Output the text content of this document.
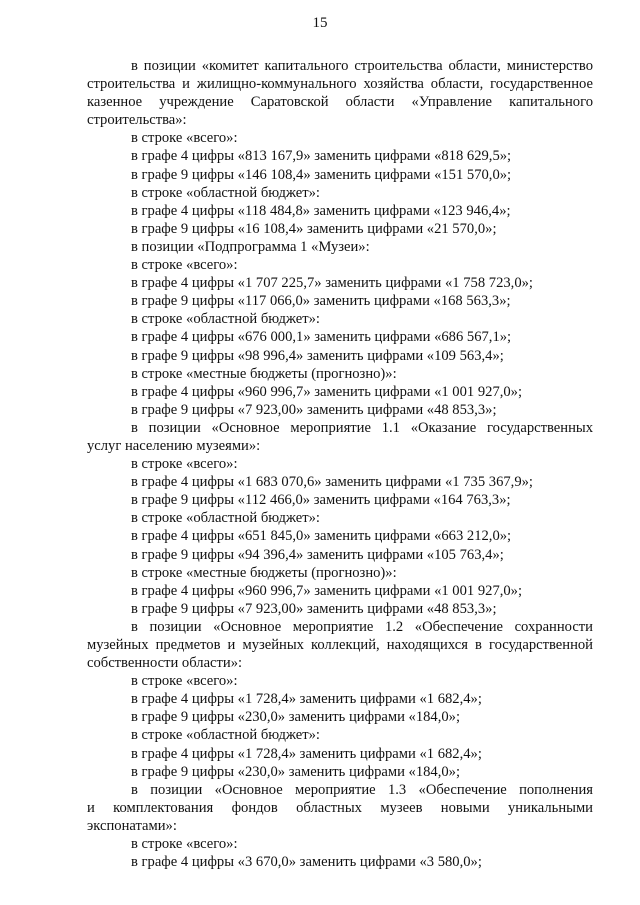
15
в позиции «комитет капитального строительства области, министерство
строительства и жилищно-коммунального хозяйства области, государственное
казенное учреждение Саратовской области «Управление капитального
строительства»:
в строке «всего»:
в графе 4 цифры «813 167,9» заменить цифрами «818 629,5»;
в графе 9 цифры «146 108,4» заменить цифрами «151 570,0»;
в строке «областной бюджет»:
в графе 4 цифры «118 484,8» заменить цифрами «123 946,4»;
в графе 9 цифры «16 108,4» заменить цифрами «21 570,0»;
в позиции «Подпрограмма 1 «Музеи»:
в строке «всего»:
в графе 4 цифры «1 707 225,7» заменить цифрами «1 758 723,0»;
в графе 9 цифры «117 066,0» заменить цифрами «168 563,3»;
в строке «областной бюджет»:
в графе 4 цифры «676 000,1» заменить цифрами «686 567,1»;
в графе 9 цифры «98 996,4» заменить цифрами «109 563,4»;
в строке «местные бюджеты (прогнозно)»:
в графе 4 цифры «960 996,7» заменить цифрами «1 001 927,0»;
в графе 9 цифры «7 923,00» заменить цифрами «48 853,3»;
в позиции «Основное мероприятие 1.1 «Оказание государственных
услуг населению музеями»:
в строке «всего»:
в графе 4 цифры «1 683 070,6» заменить цифрами «1 735 367,9»;
в графе 9 цифры «112 466,0» заменить цифрами «164 763,3»;
в строке «областной бюджет»:
в графе 4 цифры «651 845,0» заменить цифрами «663 212,0»;
в графе 9 цифры «94 396,4» заменить цифрами «105 763,4»;
в строке «местные бюджеты (прогнозно)»:
в графе 4 цифры «960 996,7» заменить цифрами «1 001 927,0»;
в графе 9 цифры «7 923,00» заменить цифрами «48 853,3»;
в позиции «Основное мероприятие 1.2 «Обеспечение сохранности
музейных предметов и музейных коллекций, находящихся в государственной
собственности области»:
в строке «всего»:
в графе 4 цифры «1 728,4» заменить цифрами «1 682,4»;
в графе 9 цифры «230,0» заменить цифрами «184,0»;
в строке «областной бюджет»:
в графе 4 цифры «1 728,4» заменить цифрами «1 682,4»;
в графе 9 цифры «230,0» заменить цифрами «184,0»;
в позиции «Основное мероприятие 1.3 «Обеспечение пополнения
и комплектования фондов областных музеев новыми уникальными
экспонатами»:
в строке «всего»:
в графе 4 цифры «3 670,0» заменить цифрами «3 580,0»;
